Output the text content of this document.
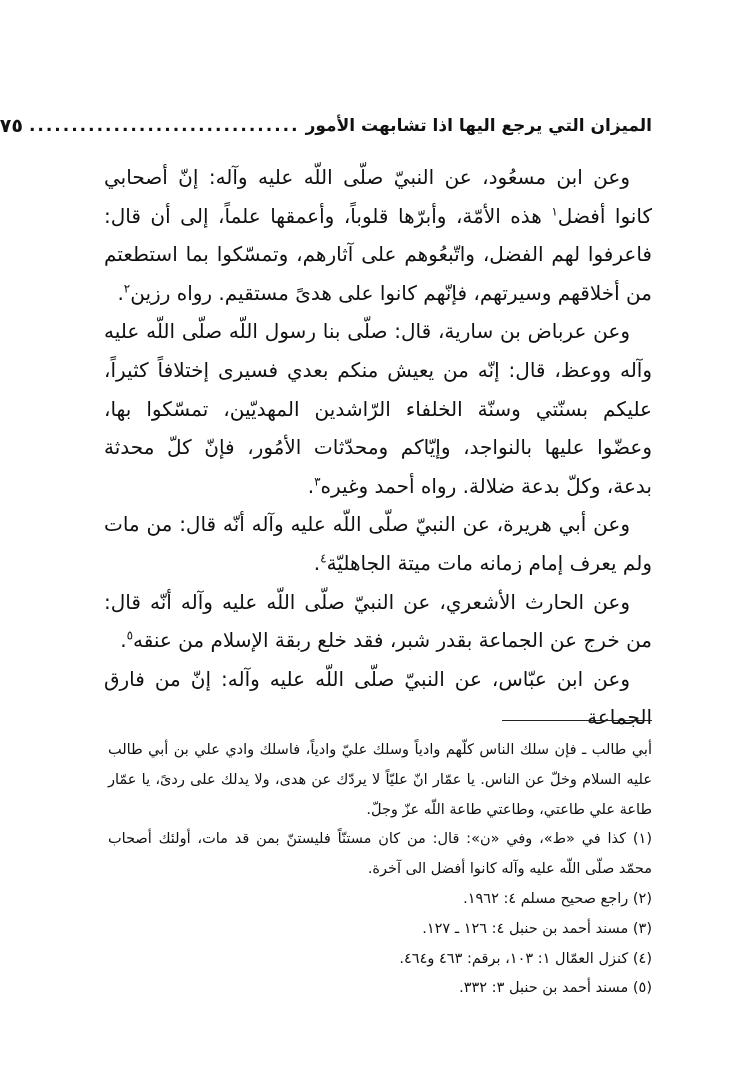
الميزان التي يرجع اليها اذا تشابهت الأمور
................................
٧٥

وعن ابن مسعُود، عن النبيّ صلّى اللّه عليه وآله: إنّ أصحابي كانوا أفضل$^١$ هذه الأمّة، وأبرّها قلوباً، وأعمقها علماً، إلى أن قال: فاعرفوا لهم الفضل، واتّبعُوهم على آثارهم، وتمسّكوا بما استطعتم من أخلاقهم وسيرتهم، فإنّهم كانوا على هدىً مستقيم. رواه رزين$^٢$.

وعن عرباض بن سارية، قال: صلّى بنا رسول اللّه صلّى اللّه عليه وآله ووعظ، قال: إنّه من يعيش منكم بعدي فسيرى إختلافاً كثيراً، عليكم بسنّتي وسنّة الخلفاء الرّاشدين المهديّين، تمسّكوا بها، وعضّوا عليها بالنواجد، وإيّاكم ومحدّثات الأمُور، فإنّ كلّ محدثة بدعة، وكلّ بدعة ضلالة. رواه أحمد وغيره$^٣$.

وعن أبي هريرة، عن النبيّ صلّى اللّه عليه وآله أنّه قال: من مات ولم يعرف إمام زمانه مات ميتة الجاهليّة$^٤$.

وعن الحارث الأشعري، عن النبيّ صلّى اللّه عليه وآله أنّه قال: من خرج عن الجماعة بقدر شبر، فقد خلع ربقة الإسلام من عنقه$^٥$.

وعن ابن عبّاس، عن النبيّ صلّى اللّه عليه وآله: إنّ من فارق الجماعة

أبي طالب ـ فإن سلك الناس كلّهم وادياً وسلك عليّ وادياً، فاسلك وادي علي بن أبي طالب عليه السلام وخلّ عن الناس. يا عمّار انّ عليّاً لا يردّك عن هدى، ولا يدلك على ردىً، يا عمّار طاعة علي طاعتي، وطاعتي طاعة اللّه عزّ وجلّ.

(١) كذا في «ط»، وفي «ن»: قال: من كان مستنّاً فليستنّ بمن قد مات، أولئك أصحاب محمّد صلّى اللّه عليه وآله كانوا أفضل الى آخرة.

(٢) راجع صحيح مسلم ٤: ١٩٦٢.

(٣) مسند أحمد بن حنبل ٤: ١٢٦ ـ ١٢٧.

(٤) كنزل العمّال ١: ١٠٣، برقم: ٤٦٣ و٤٦٤.

(٥) مسند أحمد بن حنبل ٣: ٣٣٢.
